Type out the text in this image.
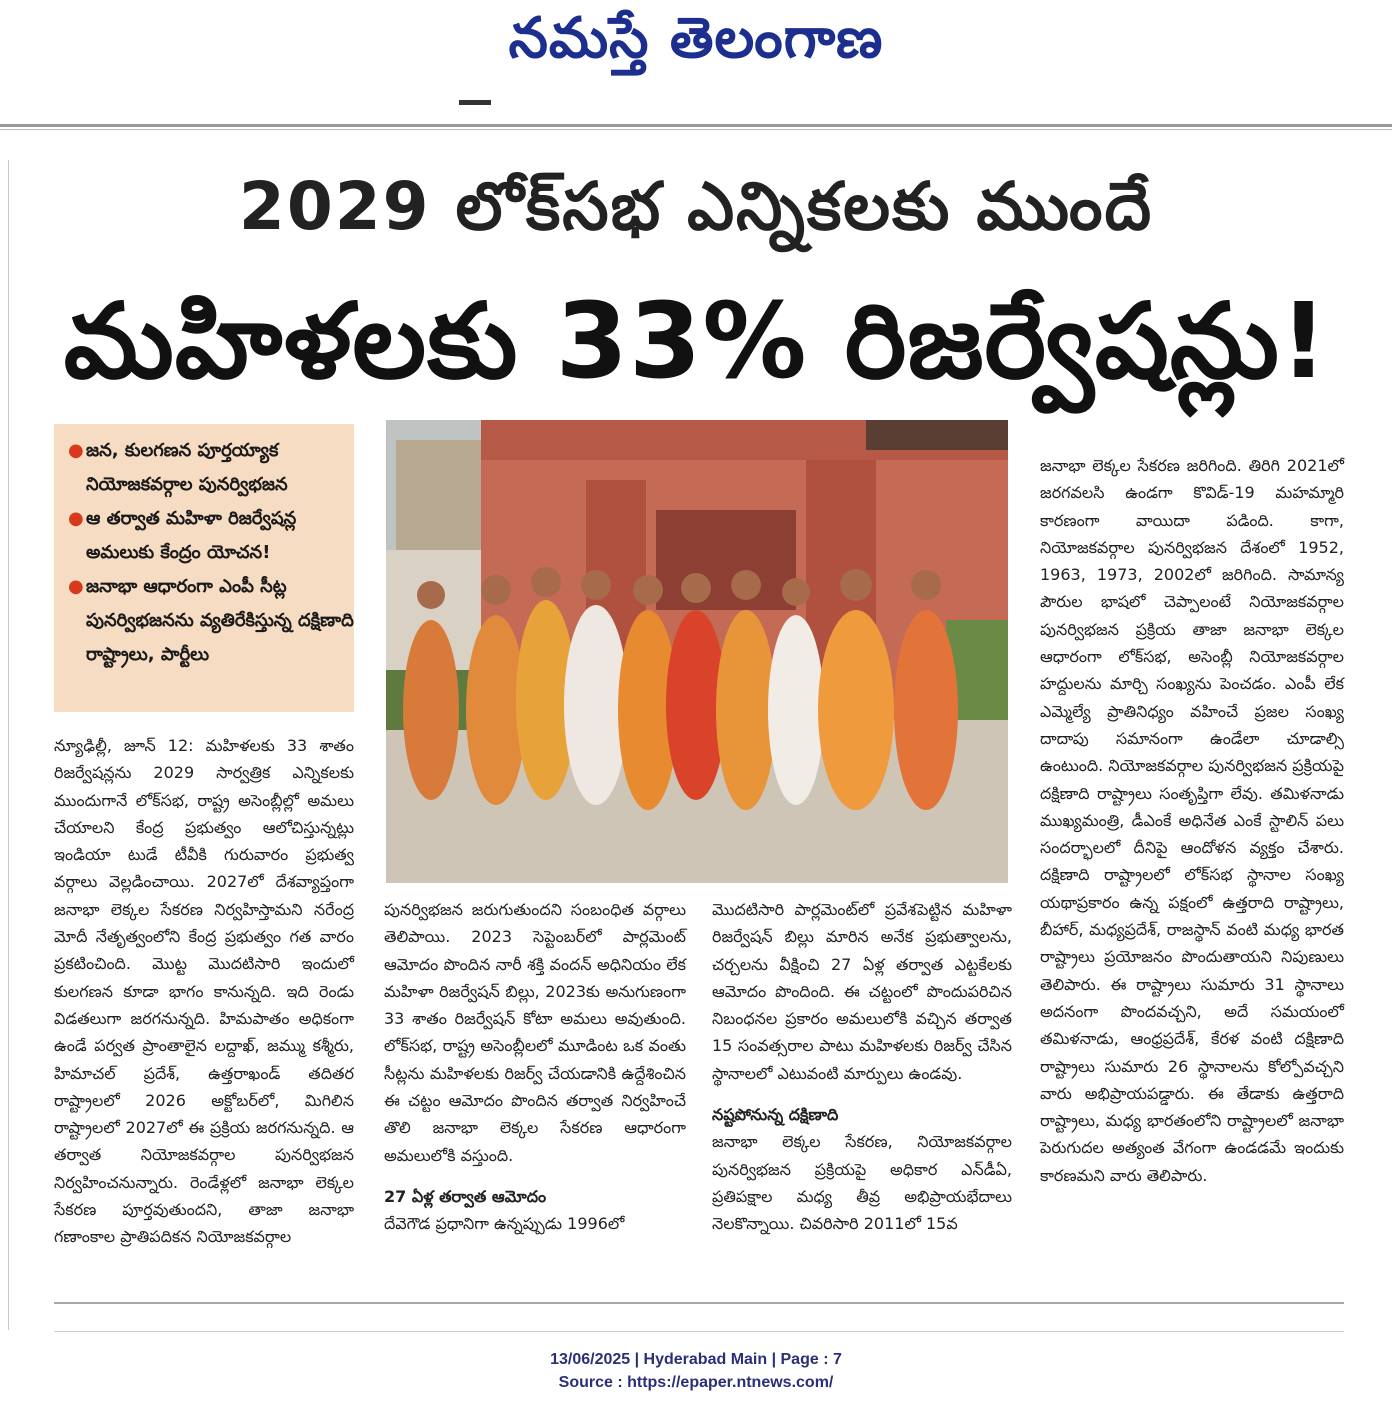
నమస్తే తెలంగాణ
2029 లోక్‌సభ ఎన్నికలకు ముందే
మహిళలకు 33% రిజర్వేషన్లు!
● జన, కులగణన పూర్తయ్యాక నియోజకవర్గాల పునర్విభజన
● ఆ తర్వాత మహిళా రిజర్వేషన్ల అమలుకు కేంద్రం యోచన!
● జనాభా ఆధారంగా ఎంపీ సీట్ల పునర్విభజనను వ్యతిరేకిస్తున్న దక్షిణాది రాష్ట్రాలు, పార్టీలు

న్యూఢిల్లీ, జూన్ 12: మహిళలకు 33 శాతం రిజర్వేషన్లను 2029 సార్వత్రిక ఎన్నికలకు ముందుగానే లోక్‌సభ, రాష్ట్ర అసెంబ్లీల్లో అమలు చేయాలని కేంద్ర ప్రభుత్వం ఆలోచిస్తున్నట్లు ఇండియా టుడే టీవీకి గురువారం ప్రభుత్వ వర్గాలు వెల్లడించాయి. 2027లో దేశవ్యాప్తంగా జనాభా లెక్కల సేకరణ నిర్వహిస్తామని నరేంద్ర మోదీ నేతృత్వంలోని కేంద్ర ప్రభుత్వం గత వారం ప్రకటించింది. మొట్ట మొదటిసారి ఇందులో కులగణన కూడా భాగం కానున్నది. ఇది రెండు విడతలుగా జరగనున్నది. హిమపాతం అధికంగా ఉండే పర్వత ప్రాంతాలైన లద్దాఖ్, జమ్ము కశ్మీరు, హిమాచల్ ప్రదేశ్, ఉత్తరాఖండ్ తదితర రాష్ట్రాలలో 2026 అక్టోబర్‌లో, మిగిలిన రాష్ట్రాలలో 2027లో ఈ ప్రక్రియ జరగనున్నది. ఆ తర్వాత నియోజకవర్గాల పునర్విభజన నిర్వహించనున్నారు. రెండేళ్లలో జనాభా లెక్కల సేకరణ పూర్తవుతుందని, తాజా జనాభా గణాంకాల ప్రాతిపదికన నియోజకవర్గాల

పునర్విభజన జరుగుతుందని సంబంధిత వర్గాలు తెలిపాయి. 2023 సెప్టెంబర్‌లో పార్లమెంట్ ఆమోదం పొందిన నారీ శక్తి వందన్ అధినియం లేక మహిళా రిజర్వేషన్ బిల్లు, 2023కు అనుగుణంగా 33 శాతం రిజర్వేషన్ కోటా అమలు అవుతుంది. లోక్‌సభ, రాష్ట్ర అసెంబ్లీలలో మూడింట ఒక వంతు సీట్లను మహిళలకు రిజర్వ్ చేయడానికి ఉద్దేశించిన ఈ చట్టం ఆమోదం పొందిన తర్వాత నిర్వహించే తొలి జనాభా లెక్కల సేకరణ ఆధారంగా అమలులోకి వస్తుంది.

27 ఏళ్ల తర్వాత ఆమోదం

దేవెగౌడ ప్రధానిగా ఉన్నప్పుడు 1996లో

మొదటిసారి పార్లమెంట్‌లో ప్రవేశపెట్టిన మహిళా రిజర్వేషన్ బిల్లు మారిన అనేక ప్రభుత్వాలను, చర్చలను వీక్షించి 27 ఏళ్ల తర్వాత ఎట్టకేలకు ఆమోదం పొందింది. ఈ చట్టంలో పొందుపరిచిన నిబంధనల ప్రకారం అమలులోకి వచ్చిన తర్వాత 15 సంవత్సరాల పాటు మహిళలకు రిజర్వ్ చేసిన స్థానాలలో ఎటువంటి మార్పులు ఉండవు.

నష్టపోనున్న దక్షిణాది

జనాభా లెక్కల సేకరణ, నియోజకవర్గాల పునర్విభజన ప్రక్రియపై అధికార ఎన్‌డీఏ, ప్రతిపక్షాల మధ్య తీవ్ర అభిప్రాయభేదాలు నెలకొన్నాయి. చివరిసారి 2011లో 15వ

జనాభా లెక్కల సేకరణ జరిగింది. తిరిగి 2021లో జరగవలసి ఉండగా కొవిడ్-19 మహమ్మారి కారణంగా వాయిదా పడింది. కాగా, నియోజకవర్గాల పునర్విభజన దేశంలో 1952, 1963, 1973, 2002లో జరిగింది. సామాన్య పౌరుల భాషలో చెప్పాలంటే నియోజకవర్గాల పునర్విభజన ప్రక్రియ తాజా జనాభా లెక్కల ఆధారంగా లోక్‌సభ, అసెంబ్లీ నియోజకవర్గాల హద్దులను మార్చి సంఖ్యను పెంచడం. ఎంపీ లేక ఎమ్మెల్యే ప్రాతినిధ్యం వహించే ప్రజల సంఖ్య దాదాపు సమానంగా ఉండేలా చూడాల్సి ఉంటుంది. నియోజకవర్గాల పునర్విభజన ప్రక్రియపై దక్షిణాది రాష్ట్రాలు సంతృప్తిగా లేవు. తమిళనాడు ముఖ్యమంత్రి, డీఎంకే అధినేత ఎంకే స్టాలిన్ పలు సందర్భాలలో దీనిపై ఆందోళన వ్యక్తం చేశారు. దక్షిణాది రాష్ట్రాలలో లోక్‌సభ స్థానాల సంఖ్య యథాప్రకారం ఉన్న పక్షంలో ఉత్తరాది రాష్ట్రాలు, బీహార్, మధ్యప్రదేశ్, రాజస్థాన్ వంటి మధ్య భారత రాష్ట్రాలు ప్రయోజనం పొందుతాయని నిపుణులు తెలిపారు. ఈ రాష్ట్రాలు సుమారు 31 స్థానాలు అదనంగా పొందవచ్చని, అదే సమయంలో తమిళనాడు, ఆంధ్రప్రదేశ్, కేరళ వంటి దక్షిణాది రాష్ట్రాలు సుమారు 26 స్థానాలను కోల్పోవచ్చని వారు అభిప్రాయపడ్డారు. ఈ తేడాకు ఉత్తరాది రాష్ట్రాలు, మధ్య భారతంలోని రాష్ట్రాలలో జనాభా పెరుగుదల అత్యంత వేగంగా ఉండడమే ఇందుకు కారణమని వారు తెలిపారు.

13/06/2025 | Hyderabad Main | Page : 7
Source : https://epaper.ntnews.com/
